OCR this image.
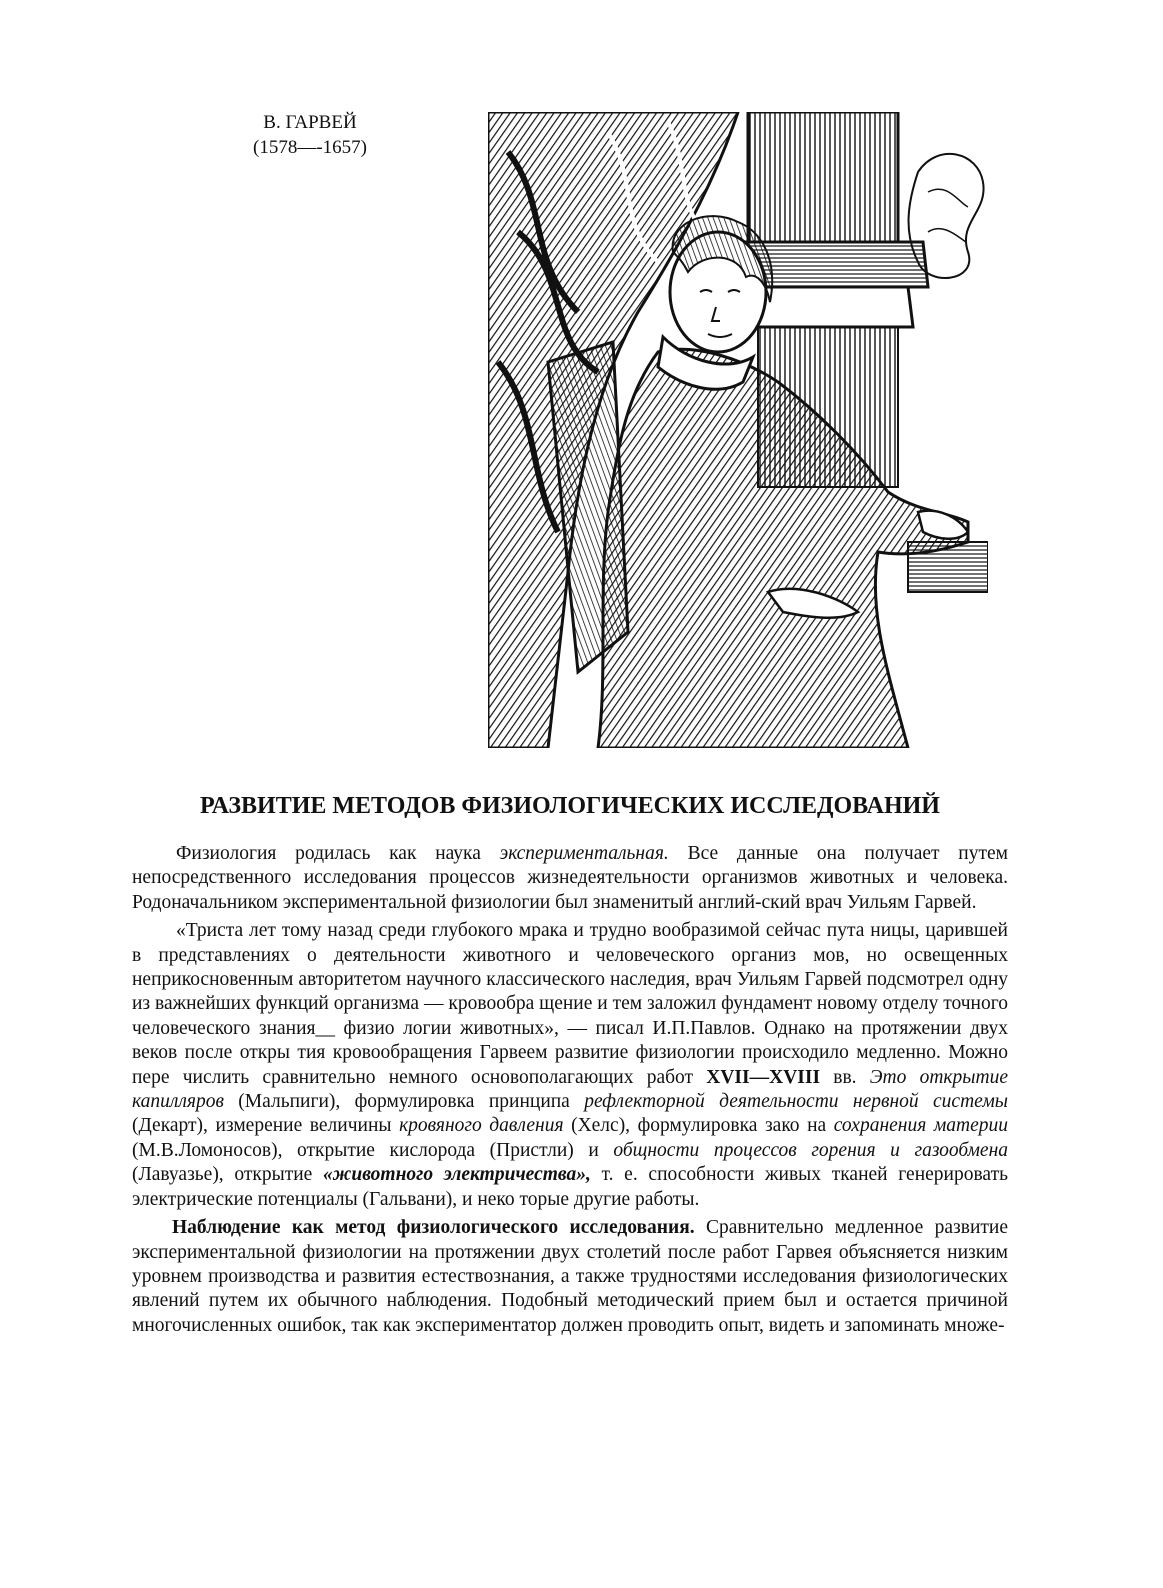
В. ГАРВЕЙ
(1578—-1657)
РАЗВИТИЕ МЕТОДОВ ФИЗИОЛОГИЧЕСКИХ ИССЛЕДОВАНИЙ

Физиология родилась как наука экспериментальная. Все данные она получает путем непосредственного исследования процессов жизнедеятельности организмов животных и человека. Родоначальником экспериментальной физиологии был знаменитый англий-ский врач Уильям Гарвей.

«Триста лет тому назад среди глубокого мрака и трудно вообразимой сейчас пута ницы, царившей в представлениях о деятельности животного и человеческого организ мов, но освещенных неприкосновенным авторитетом научного классического наследия, врач Уильям Гарвей подсмотрел одну из важнейших функций организма — кровообра щение и тем заложил фундамент новому отделу точного человеческого знания__ физио логии животных», — писал И.П.Павлов. Однако на протяжении двух веков после откры тия кровообращения Гарвеем развитие физиологии происходило медленно. Можно пере числить сравнительно немного основополагающих работ XVII—XVIII вв. Это открытие капилляров (Мальпиги), формулировка принципа рефлекторной деятельности нервной системы (Декарт), измерение величины кровяного давления (Хелс), формулировка зако на сохранения материи (М.В.Ломоносов), открытие кислорода (Пристли) и общности процессов горения и газообмена (Лавуазье), открытие «животного электричества», т. е. способности живых тканей генерировать электрические потенциалы (Гальвани), и неко торые другие работы.

Наблюдение как метод физиологического исследования. Сравнительно медленное развитие экспериментальной физиологии на протяжении двух столетий после работ Гарвея объясняется низким уровнем производства и развития естествознания, а также трудностями исследования физиологических явлений путем их обычного наблюдения. Подобный методический прием был и остается причиной многочисленных ошибок, так как экспериментатор должен проводить опыт, видеть и запоминать множе-
